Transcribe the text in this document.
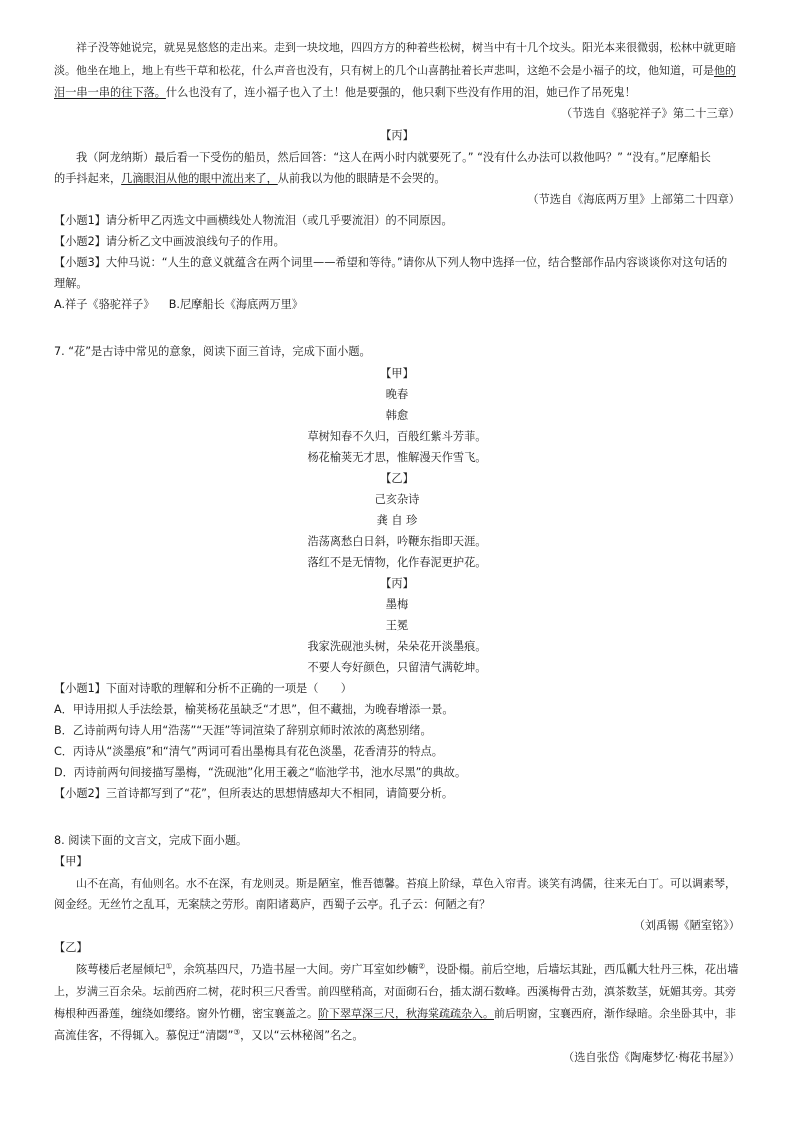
祥子没等她说完，就晃晃悠悠的走出来。走到一块坟地，四四方方的种着些松树，树当中有十几个坟头。阳光本来很微弱，松林中就更暗
淡。他坐在地上，地上有些干草和松花，什么声音也没有，只有树上的几个山喜鹊扯着长声悲叫，这绝不会是小福子的坟，他知道，可是他的
泪一串一串的往下落。什么也没有了，连小福子也入了土！他是要强的，他只剩下些没有作用的泪，她已作了吊死鬼！
（节选自《骆驼祥子》第二十三章）
【丙】
我（阿龙纳斯）最后看一下受伤的船员，然后回答：“这人在两小时内就要死了。” “没有什么办法可以救他吗？” “没有。”尼摩船长
的手抖起来，几滴眼泪从他的眼中流出来了，从前我以为他的眼睛是不会哭的。
（节选自《海底两万里》上部第二十四章）
【小题1】请分析甲乙丙选文中画横线处人物流泪（或几乎要流泪）的不同原因。
【小题2】请分析乙文中画波浪线句子的作用。
【小题3】大仲马说：“人生的意义就蕴含在两个词里——希望和等待。”请你从下列人物中选择一位，结合整部作品内容谈谈你对这句话的
理解。
A.祥子《骆驼祥子》    B.尼摩船长《海底两万里》
7. “花”是古诗中常见的意象，阅读下面三首诗，完成下面小题。
【甲】
晚春
韩愈
草树知春不久归，百般红紫斗芳菲。
杨花榆荚无才思，惟解漫天作雪飞。
【乙】
己亥杂诗
龚 自 珍
浩荡离愁白日斜，吟鞭东指即天涯。
落红不是无情物，化作春泥更护花。
【丙】
墨梅
王冕
我家洗砚池头树，朵朵花开淡墨痕。
不要人夸好颜色，只留清气满乾坤。
【小题1】下面对诗歌的理解和分析不正确的一项是（　　）
A．甲诗用拟人手法绘景，榆荚杨花虽缺乏“才思”，但不藏拙，为晚春增添一景。
B．乙诗前两句诗人用“浩荡”“天涯”等词渲染了辞别京师时浓浓的离愁别绪。
C．丙诗从“淡墨痕”和“清气”两词可看出墨梅具有花色淡墨，花香清芬的特点。
D．丙诗前两句间接描写墨梅，“洗砚池”化用王羲之“临池学书，池水尽黑”的典故。
【小题2】三首诗都写到了“花”，但所表达的思想情感却大不相同，请简要分析。
8. 阅读下面的文言文，完成下面小题。
【甲】
山不在高，有仙则名。水不在深，有龙则灵。斯是陋室，惟吾德馨。苔痕上阶绿，草色入帘青。谈笑有鸿儒，往来无白丁。可以调素琴，
阅金经。无丝竹之乱耳，无案牍之劳形。南阳诸葛庐，西蜀子云亭。孔子云：何陋之有？
（刘禹锡《陋室铭》）
【乙】
陔萼楼后老屋倾圮①，余筑基四尺，乃造书屋一大间。旁广耳室如纱幮②，设卧榻。前后空地，后墙坛其趾，西瓜瓤大牡丹三株，花出墙
上，岁满三百余朵。坛前西府二树，花时积三尺香雪。前四壁稍高，对面砌石台，插太湖石数峰。西溪梅骨古劲，滇茶数茎，妩媚其旁。其旁
梅根种西番莲，缠绕如缨络。窗外竹棚，密宝襄盖之。阶下翠草深三尺，秋海棠疏疏杂入。前后明窗，宝襄西府，渐作绿暗。余坐卧其中，非
高流佳客，不得辄入。慕倪迂“清閟”③，又以“云林秘阁”名之。
（选自张岱《陶庵梦忆·梅花书屋》）
